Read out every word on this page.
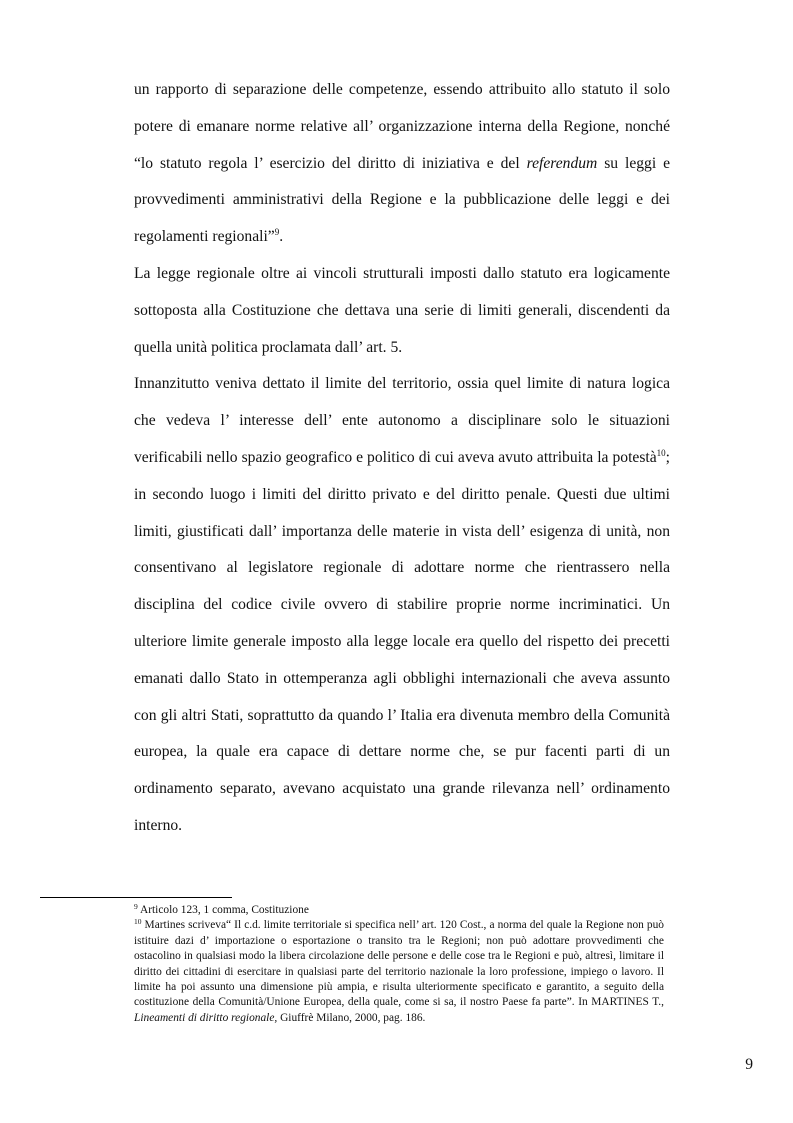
un rapporto di separazione delle competenze, essendo attribuito allo statuto il solo potere di emanare norme relative all’ organizzazione interna della Regione, nonché “lo statuto regola l’ esercizio del diritto di iniziativa e del referendum su leggi e provvedimenti amministrativi della Regione e la pubblicazione delle leggi e dei regolamenti regionali”$^9$.

La legge regionale oltre ai vincoli strutturali imposti dallo statuto era logicamente sottoposta alla Costituzione che dettava una serie di limiti generali, discendenti da quella unità politica proclamata dall’ art. 5.

Innanzitutto veniva dettato il limite del territorio, ossia quel limite di natura logica che vedeva l’ interesse dell’ ente autonomo a disciplinare solo le situazioni verificabili nello spazio geografico e politico di cui aveva avuto attribuita la potestà$^{10}$; in secondo luogo i limiti del diritto privato e del diritto penale. Questi due ultimi limiti, giustificati dall’ importanza delle materie in vista dell’ esigenza di unità, non consentivano al legislatore regionale di adottare norme che rientrassero nella disciplina del codice civile ovvero di stabilire proprie norme incriminatici. Un ulteriore limite generale imposto alla legge locale era quello del rispetto dei precetti emanati dallo Stato in ottemperanza agli obblighi internazionali che aveva assunto con gli altri Stati, soprattutto da quando l’ Italia era divenuta membro della Comunità europea, la quale era capace di dettare norme che, se pur facenti parti di un ordinamento separato, avevano acquistato una grande rilevanza nell’ ordinamento interno.

$^9$ Articolo 123, 1 comma, Costituzione

$^{10}$ Martines scriveva“ Il c.d. limite territoriale si specifica nell’ art. 120 Cost., a norma del quale la Regione non può istituire dazi d’ importazione o esportazione o transito tra le Regioni; non può adottare provvedimenti che ostacolino in qualsiasi modo la libera circolazione delle persone e delle cose tra le Regioni e può, altresì, limitare il diritto dei cittadini di esercitare in qualsiasi parte del territorio nazionale la loro professione, impiego o lavoro. Il limite ha poi assunto una dimensione più ampia, e risulta ulteriormente specificato e garantito, a seguito della costituzione della Comunità/Unione Europea, della quale, come si sa, il nostro Paese fa parte”. In MARTINES T., Lineamenti di diritto regionale, Giuffrè Milano, 2000, pag. 186.

9
